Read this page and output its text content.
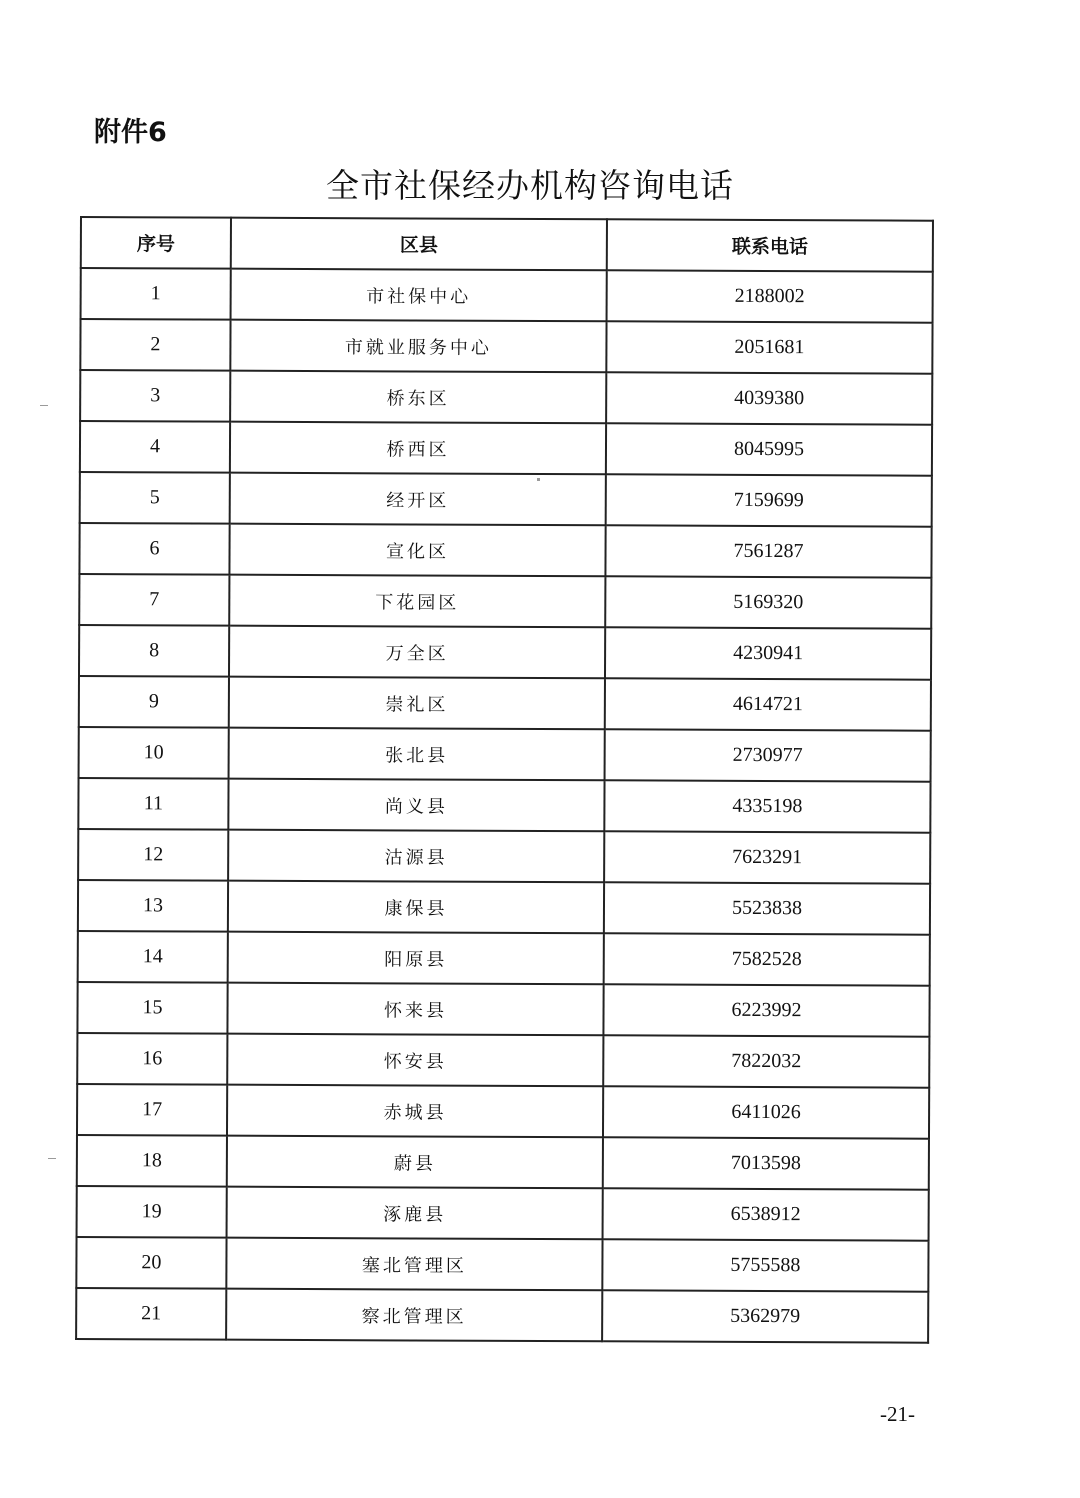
附件6
全市社保经办机构咨询电话
序号	区县	联系电话
1	市社保中心	2188002
2	市就业服务中心	2051681
3	桥东区	4039380
4	桥西区	8045995
5	经开区	7159699
6	宣化区	7561287
7	下花园区	5169320
8	万全区	4230941
9	崇礼区	4614721
10	张北县	2730977
11	尚义县	4335198
12	沽源县	7623291
13	康保县	5523838
14	阳原县	7582528
15	怀来县	6223992
16	怀安县	7822032
17	赤城县	6411026
18	蔚县	7013598
19	涿鹿县	6538912
20	塞北管理区	5755588
21	察北管理区	5362979
-21-
